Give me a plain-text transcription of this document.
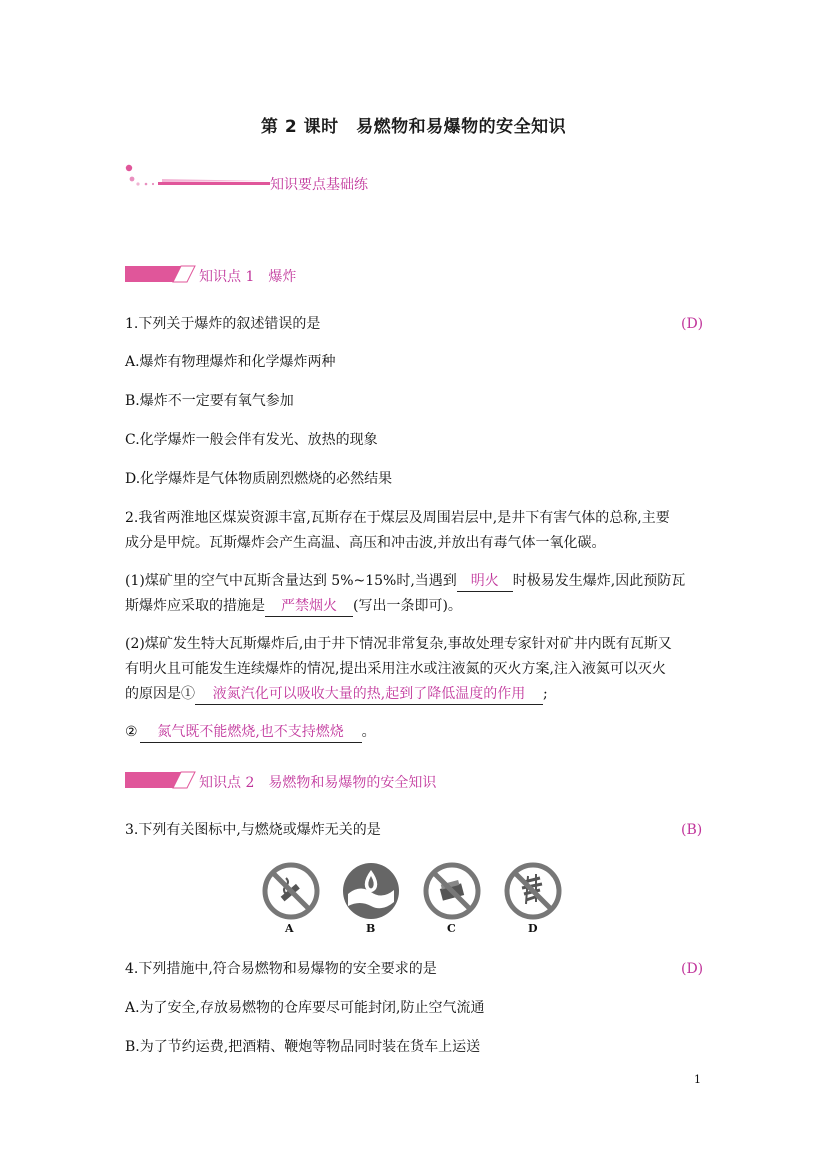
第 2 课时　易燃物和易爆物的安全知识
知识要点基础练
知识点 1　爆炸
1.下列关于爆炸的叙述错误的是	(D)
A.爆炸有物理爆炸和化学爆炸两种
B.爆炸不一定要有氧气参加
C.化学爆炸一般会伴有发光、放热的现象
D.化学爆炸是气体物质剧烈燃烧的必然结果
2.我省两淮地区煤炭资源丰富,瓦斯存在于煤层及周围岩层中,是井下有害气体的总称,主要
成分是甲烷。瓦斯爆炸会产生高温、高压和冲击波,并放出有毒气体一氧化碳。
(1)煤矿里的空气中瓦斯含量达到 5%~15%时,当遇到 明火 时极易发生爆炸,因此预防瓦
斯爆炸应采取的措施是 严禁烟火 (写出一条即可)。
(2)煤矿发生特大瓦斯爆炸后,由于井下情况非常复杂,事故处理专家针对矿井内既有瓦斯又
有明火且可能发生连续爆炸的情况,提出采用注水或注液氮的灭火方案,注入液氮可以灭火
的原因是① 液氮汽化可以吸收大量的热,起到了降低温度的作用 ;
② 氮气既不能燃烧,也不支持燃烧 。
知识点 2　易燃物和易爆物的安全知识
3.下列有关图标中,与燃烧或爆炸无关的是	(B)
A	B	C	D
4.下列措施中,符合易燃物和易爆物的安全要求的是	(D)
A.为了安全,存放易燃物的仓库要尽可能封闭,防止空气流通
B.为了节约运费,把酒精、鞭炮等物品同时装在货车上运送
1
